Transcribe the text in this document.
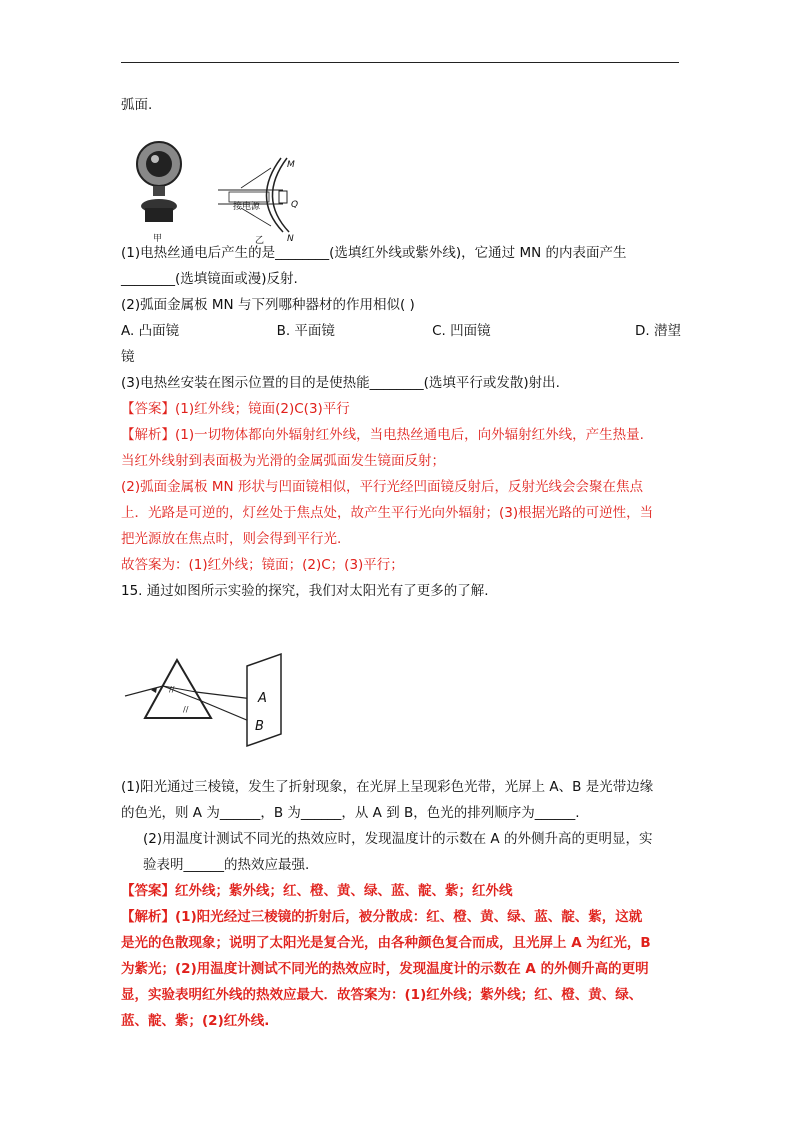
弧面.
接电源
M
Q
N
甲	乙
(1)电热丝通电后产生的是________(选填红外线或紫外线)，它通过 MN 的内表面产生
________(选填镜面或漫)反射.
(2)弧面金属板 MN 与下列哪种器材的作用相似( )
A. 凸面镜	B. 平面镜	C. 凹面镜	D. 潜望
镜
(3)电热丝安装在图示位置的目的是使热能________(选填平行或发散)射出.
【答案】(1)红外线；镜面(2)C(3)平行
【解析】(1)一切物体都向外辐射红外线，当电热丝通电后，向外辐射红外线，产生热量.
当红外线射到表面极为光滑的金属弧面发生镜面反射；
(2)弧面金属板 MN 形状与凹面镜相似，平行光经凹面镜反射后，反射光线会会聚在焦点
上．光路是可逆的，灯丝处于焦点处，故产生平行光向外辐射；(3)根据光路的可逆性，当
把光源放在焦点时，则会得到平行光.
故答案为：(1)红外线；镜面；(2)C；(3)平行；
15. 通过如图所示实验的探究，我们对太阳光有了更多的了解.
//
//
A
B
(1)阳光通过三棱镜，发生了折射现象，在光屏上呈现彩色光带，光屏上 A、B 是光带边缘
的色光，则 A 为______，B 为______，从 A 到 B，色光的排列顺序为______.
(2)用温度计测试不同光的热效应时，发现温度计的示数在 A 的外侧升高的更明显，实
验表明______的热效应最强.
【答案】红外线；紫外线；红、橙、黄、绿、蓝、靛、紫；红外线
【解析】(1)阳光经过三棱镜的折射后，被分散成：红、橙、黄、绿、蓝、靛、紫，这就
是光的色散现象；说明了太阳光是复合光，由各种颜色复合而成，且光屏上 A 为红光，B
为紫光；(2)用温度计测试不同光的热效应时，发现温度计的示数在 A 的外侧升高的更明
显，实验表明红外线的热效应最大．故答案为：(1)红外线；紫外线；红、橙、黄、绿、
蓝、靛、紫；(2)红外线.
